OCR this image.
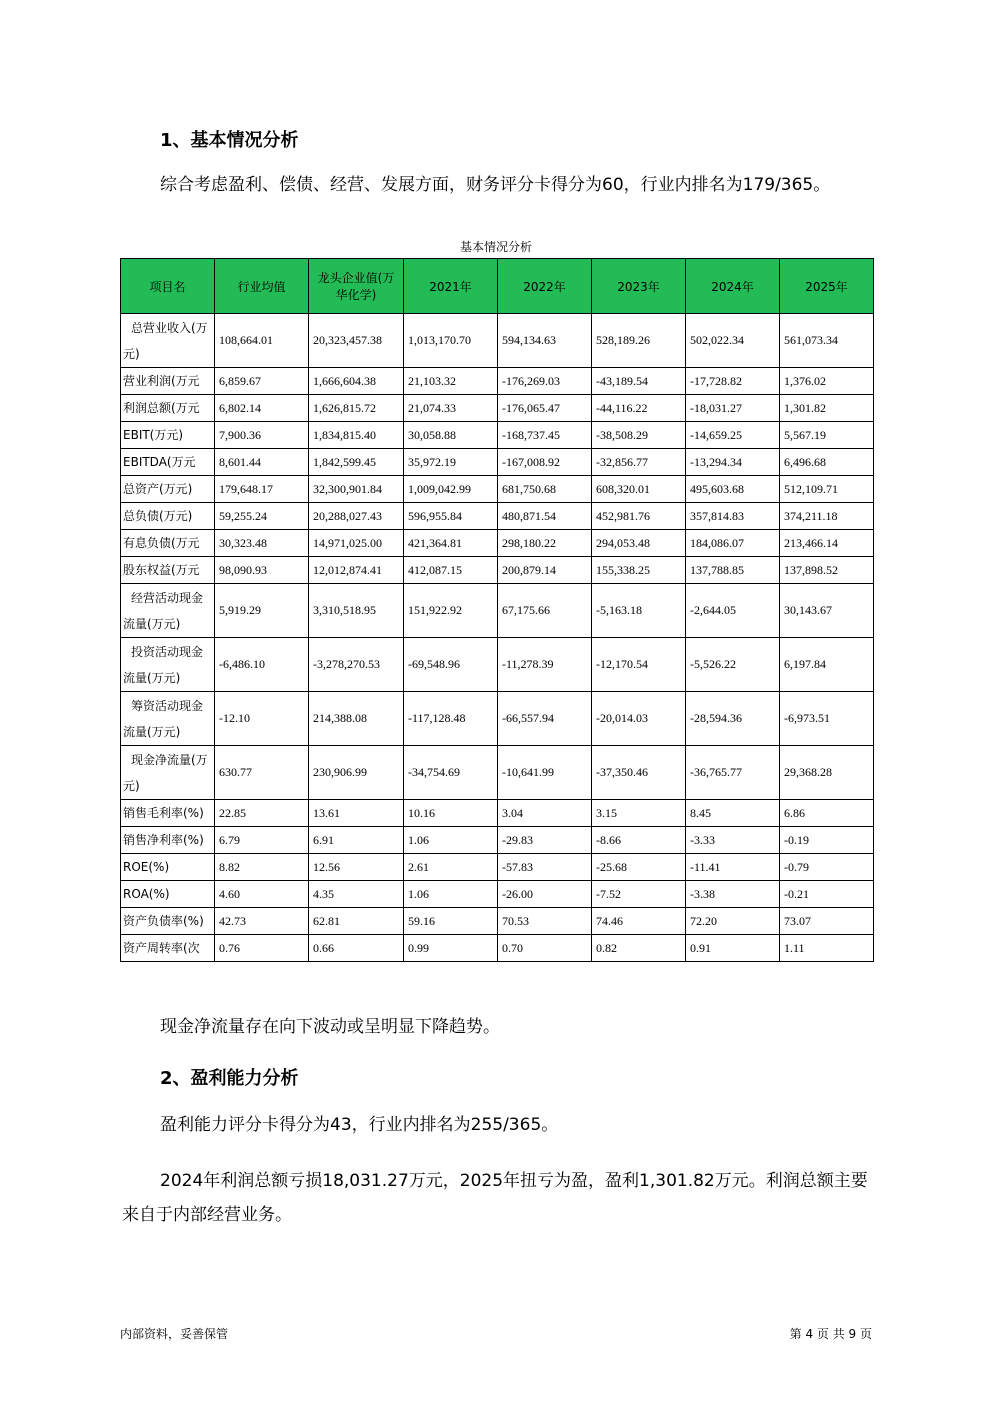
1、基本情况分析
综合考虑盈利、偿债、经营、发展方面，财务评分卡得分为60，行业内排名为179/365。
基本情况分析
项目名	行业均值	龙头企业值(万华化学)	2021年	2022年	2023年	2024年	2025年
总营业收入(万元)	108,664.01	20,323,457.38	1,013,170.70	594,134.63	528,189.26	502,022.34	561,073.34
营业利润(万元	6,859.67	1,666,604.38	21,103.32	-176,269.03	-43,189.54	-17,728.82	1,376.02
利润总额(万元	6,802.14	1,626,815.72	21,074.33	-176,065.47	-44,116.22	-18,031.27	1,301.82
EBIT(万元)	7,900.36	1,834,815.40	30,058.88	-168,737.45	-38,508.29	-14,659.25	5,567.19
EBITDA(万元	8,601.44	1,842,599.45	35,972.19	-167,008.92	-32,856.77	-13,294.34	6,496.68
总资产(万元)	179,648.17	32,300,901.84	1,009,042.99	681,750.68	608,320.01	495,603.68	512,109.71
总负债(万元)	59,255.24	20,288,027.43	596,955.84	480,871.54	452,981.76	357,814.83	374,211.18
有息负债(万元	30,323.48	14,971,025.00	421,364.81	298,180.22	294,053.48	184,086.07	213,466.14
股东权益(万元	98,090.93	12,012,874.41	412,087.15	200,879.14	155,338.25	137,788.85	137,898.52
经营活动现金流量(万元)	5,919.29	3,310,518.95	151,922.92	67,175.66	-5,163.18	-2,644.05	30,143.67
投资活动现金流量(万元)	-6,486.10	-3,278,270.53	-69,548.96	-11,278.39	-12,170.54	-5,526.22	6,197.84
筹资活动现金流量(万元)	-12.10	214,388.08	-117,128.48	-66,557.94	-20,014.03	-28,594.36	-6,973.51
现金净流量(万元)	630.77	230,906.99	-34,754.69	-10,641.99	-37,350.46	-36,765.77	29,368.28
销售毛利率(%)	22.85	13.61	10.16	3.04	3.15	8.45	6.86
销售净利率(%)	6.79	6.91	1.06	-29.83	-8.66	-3.33	-0.19
ROE(%)	8.82	12.56	2.61	-57.83	-25.68	-11.41	-0.79
ROA(%)	4.60	4.35	1.06	-26.00	-7.52	-3.38	-0.21
资产负债率(%)	42.73	62.81	59.16	70.53	74.46	72.20	73.07
资产周转率(次	0.76	0.66	0.99	0.70	0.82	0.91	1.11
现金净流量存在向下波动或呈明显下降趋势。
2、盈利能力分析
盈利能力评分卡得分为43，行业内排名为255/365。
2024年利润总额亏损18,031.27万元，2025年扭亏为盈，盈利1,301.82万元。利润总额主要来自于内部经营业务。
内部资料，妥善保管	第 4 页 共 9 页
